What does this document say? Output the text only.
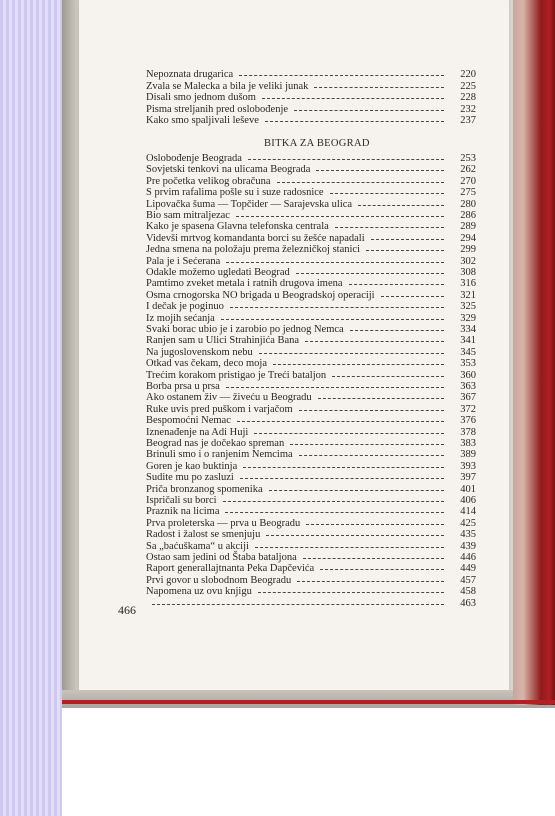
Nepoznata drugarica	220
Zvala se Malecka a bila je veliki junak	225
Disali smo jednom dušom	228
Pisma streljanih pred oslobođenje	232
Kako smo spaljivali leševe	237
BITKA ZA BEOGRAD
Oslobođenje Beograda	253
Sovjetski tenkovi na ulicama Beograda	262
Pre početka velikog obračuna	270
S prvim rafalima pošle su i suze radosnice	275
Lipovačka šuma — Topčider — Sarajevska ulica	280
Bio sam mitraljezac	286
Kako je spasena Glavna telefonska centrala	289
Videvši mrtvog komandanta borci su žešće napadali	294
Jedna smena na položaju prema železničkoj stanici	299
Pala je i Sećerana	302
Odakle možemo ugledati Beograd	308
Pamtimo zveket metala i ratnih drugova imena	316
Osma crnogorska NO brigada u Beogradskoj operaciji	321
I dečak je poginuo	325
Iz mojih sećanja	329
Svaki borac ubio je i zarobio po jednog Nemca	334
Ranjen sam u Ulici Strahinjića Bana	341
Na jugoslovenskom nebu	345
Otkad vas čekam, deco moja	353
Trećim korakom pristigao je Treći bataljon	360
Borba prsa u prsa	363
Ako ostanem živ — živeću u Beogradu	367
Ruke uvis pred puškom i varjačom	372
Bespomoćni Nemac	376
Iznenađenje na Adi Huji	378
Beograd nas je dočekao spreman	383
Brinuli smo i o ranjenim Nemcima	389
Goren je kao buktinja	393
Sudite mu po zasluzi	397
Priča bronzanog spomenika	401
Ispričali su borci	406
Praznik na licima	414
Prva proleterska — prva u Beogradu	425
Radost i žalost se smenjuju	435
Sa „baćuškama“ u akciji	439
Ostao sam jedini od Štaba bataljona	446
Raport generallajtnanta Peka Dapčevića	449
Prvi govor u slobodnom Beogradu	457
Napomena uz ovu knjigu	458
463
466
